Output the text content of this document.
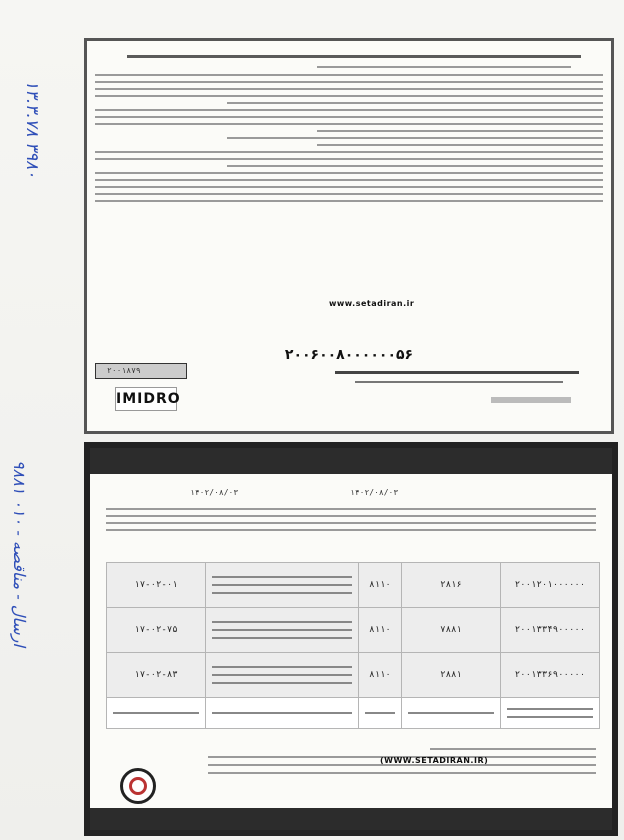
۱۳.۳.۷۸ ۳۹۸۰
۹۸۸۱ ۰۱۰ - ارسال - مناقصه
www.setadiran.ir
۲۰۰۶۰۰۸۰۰۰۰۰۰۵۶
۲۰۰۱۸۷۹
IMIDRO
۱۴۰۲/۰۸/۰۳
۱۴۰۲/۰۸/۰۳
۱۷-۰۲-۰۱		۸۱۱۰	۲۸۱۶	۲۰۰۱۲۰۱۰۰۰۰۰۰
۱۷-۰۲-۷۵		۸۱۱۰	۷۸۸۱	۲۰۰۱۳۳۴۹۰۰۰۰۰
۱۷-۰۲-۸۳		۸۱۱۰	۲۸۸۱	۲۰۰۱۳۳۶۹۰۰۰۰۰

(WWW.SETADIRAN.IR)
